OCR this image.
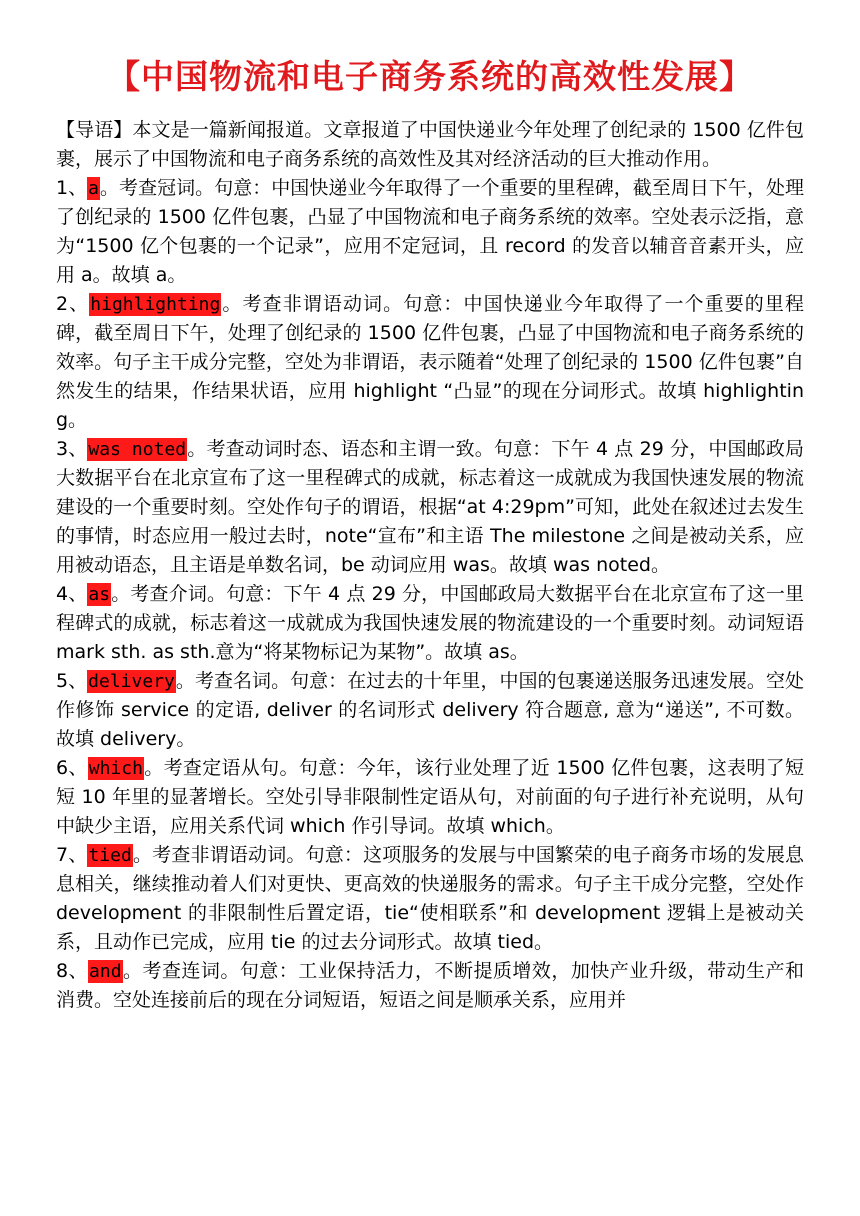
【中国物流和电子商务系统的高效性发展】

【导语】本文是一篇新闻报道。文章报道了中国快递业今年处理了创纪录的 1500 亿件包裹，展示了中国物流和电子商务系统的高效性及其对经济活动的巨大推动作用。

1、a。考查冠词。句意：中国快递业今年取得了一个重要的里程碑，截至周日下午，处理了创纪录的 1500 亿件包裹，凸显了中国物流和电子商务系统的效率。空处表示泛指，意为“1500 亿个包裹的一个记录”，应用不定冠词，且 record 的发音以辅音音素开头，应用 a。故填 a。

2、highlighting。考查非谓语动词。句意：中国快递业今年取得了一个重要的里程碑，截至周日下午，处理了创纪录的 1500 亿件包裹，凸显了中国物流和电子商务系统的效率。句子主干成分完整，空处为非谓语，表示随着“处理了创纪录的 1500 亿件包裹”自然发生的结果，作结果状语，应用 highlight “凸显”的现在分词形式。故填 highlighting。

3、was noted。考查动词时态、语态和主谓一致。句意：下午 4 点 29 分，中国邮政局大数据平台在北京宣布了这一里程碑式的成就，标志着这一成就成为我国快速发展的物流建设的一个重要时刻。空处作句子的谓语，根据“at 4:29pm”可知，此处在叙述过去发生的事情，时态应用一般过去时，note“宣布”和主语 The milestone 之间是被动关系，应用被动语态，且主语是单数名词，be 动词应用 was。故填 was noted。

4、as。考查介词。句意：下午 4 点 29 分，中国邮政局大数据平台在北京宣布了这一里程碑式的成就，标志着这一成就成为我国快速发展的物流建设的一个重要时刻。动词短语 mark sth. as sth.意为“将某物标记为某物”。故填 as。

5、delivery。考查名词。句意：在过去的十年里，中国的包裹递送服务迅速发展。空处作修饰 service 的定语, deliver 的名词形式 delivery 符合题意, 意为“递送”, 不可数。故填 delivery。

6、which。考查定语从句。句意：今年，该行业处理了近 1500 亿件包裹，这表明了短短 10 年里的显著增长。空处引导非限制性定语从句，对前面的句子进行补充说明，从句中缺少主语，应用关系代词 which 作引导词。故填 which。

7、tied。考查非谓语动词。句意：这项服务的发展与中国繁荣的电子商务市场的发展息息相关，继续推动着人们对更快、更高效的快递服务的需求。句子主干成分完整，空处作 development 的非限制性后置定语，tie“使相联系”和 development 逻辑上是被动关系，且动作已完成，应用 tie 的过去分词形式。故填 tied。

8、and。考查连词。句意：工业保持活力，不断提质增效，加快产业升级，带动生产和消费。空处连接前后的现在分词短语，短语之间是顺承关系，应用并
